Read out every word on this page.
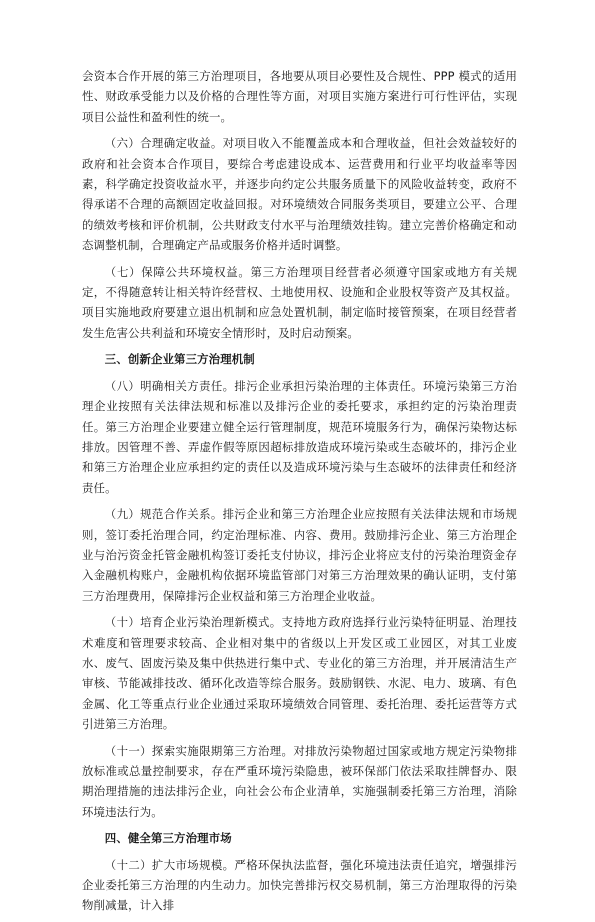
会资本合作开展的第三方治理项目，各地要从项目必要性及合规性、PPP 模式的适用性、财政承受能力以及价格的合理性等方面，对项目实施方案进行可行性评估，实现项目公益性和盈利性的统一。

（六）合理确定收益。对项目收入不能覆盖成本和合理收益，但社会效益较好的政府和社会资本合作项目，要综合考虑建设成本、运营费用和行业平均收益率等因素，科学确定投资收益水平，并逐步向约定公共服务质量下的风险收益转变，政府不得承诺不合理的高额固定收益回报。对环境绩效合同服务类项目，要建立公平、合理的绩效考核和评价机制，公共财政支付水平与治理绩效挂钩。建立完善价格确定和动态调整机制，合理确定产品或服务价格并适时调整。

（七）保障公共环境权益。第三方治理项目经营者必须遵守国家或地方有关规定，不得随意转让相关特许经营权、土地使用权、设施和企业股权等资产及其权益。项目实施地政府要建立退出机制和应急处置机制，制定临时接管预案，在项目经营者发生危害公共利益和环境安全情形时，及时启动预案。

三、创新企业第三方治理机制

（八）明确相关方责任。排污企业承担污染治理的主体责任。环境污染第三方治理企业按照有关法律法规和标准以及排污企业的委托要求，承担约定的污染治理责任。第三方治理企业要建立健全运行管理制度，规范环境服务行为，确保污染物达标排放。因管理不善、弄虚作假等原因超标排放造成环境污染或生态破坏的，排污企业和第三方治理企业应承担约定的责任以及造成环境污染与生态破坏的法律责任和经济责任。

（九）规范合作关系。排污企业和第三方治理企业应按照有关法律法规和市场规则，签订委托治理合同，约定治理标准、内容、费用。鼓励排污企业、第三方治理企业与治污资金托管金融机构签订委托支付协议，排污企业将应支付的污染治理资金存入金融机构账户，金融机构依据环境监管部门对第三方治理效果的确认证明，支付第三方治理费用，保障排污企业权益和第三方治理企业收益。

（十）培育企业污染治理新模式。支持地方政府选择行业污染特征明显、治理技术难度和管理要求较高、企业相对集中的省级以上开发区或工业园区，对其工业废水、废气、固废污染及集中供热进行集中式、专业化的第三方治理，并开展清洁生产审核、节能减排技改、循环化改造等综合服务。鼓励钢铁、水泥、电力、玻璃、有色金属、化工等重点行业企业通过采取环境绩效合同管理、委托治理、委托运营等方式引进第三方治理。

（十一）探索实施限期第三方治理。对排放污染物超过国家或地方规定污染物排放标准或总量控制要求，存在严重环境污染隐患，被环保部门依法采取挂牌督办、限期治理措施的违法排污企业，向社会公布企业清单，实施强制委托第三方治理，消除环境违法行为。

四、健全第三方治理市场

（十二）扩大市场规模。严格环保执法监督，强化环境违法责任追究，增强排污企业委托第三方治理的内生动力。加快完善排污权交易机制，第三方治理取得的污染物削减量，计入排
